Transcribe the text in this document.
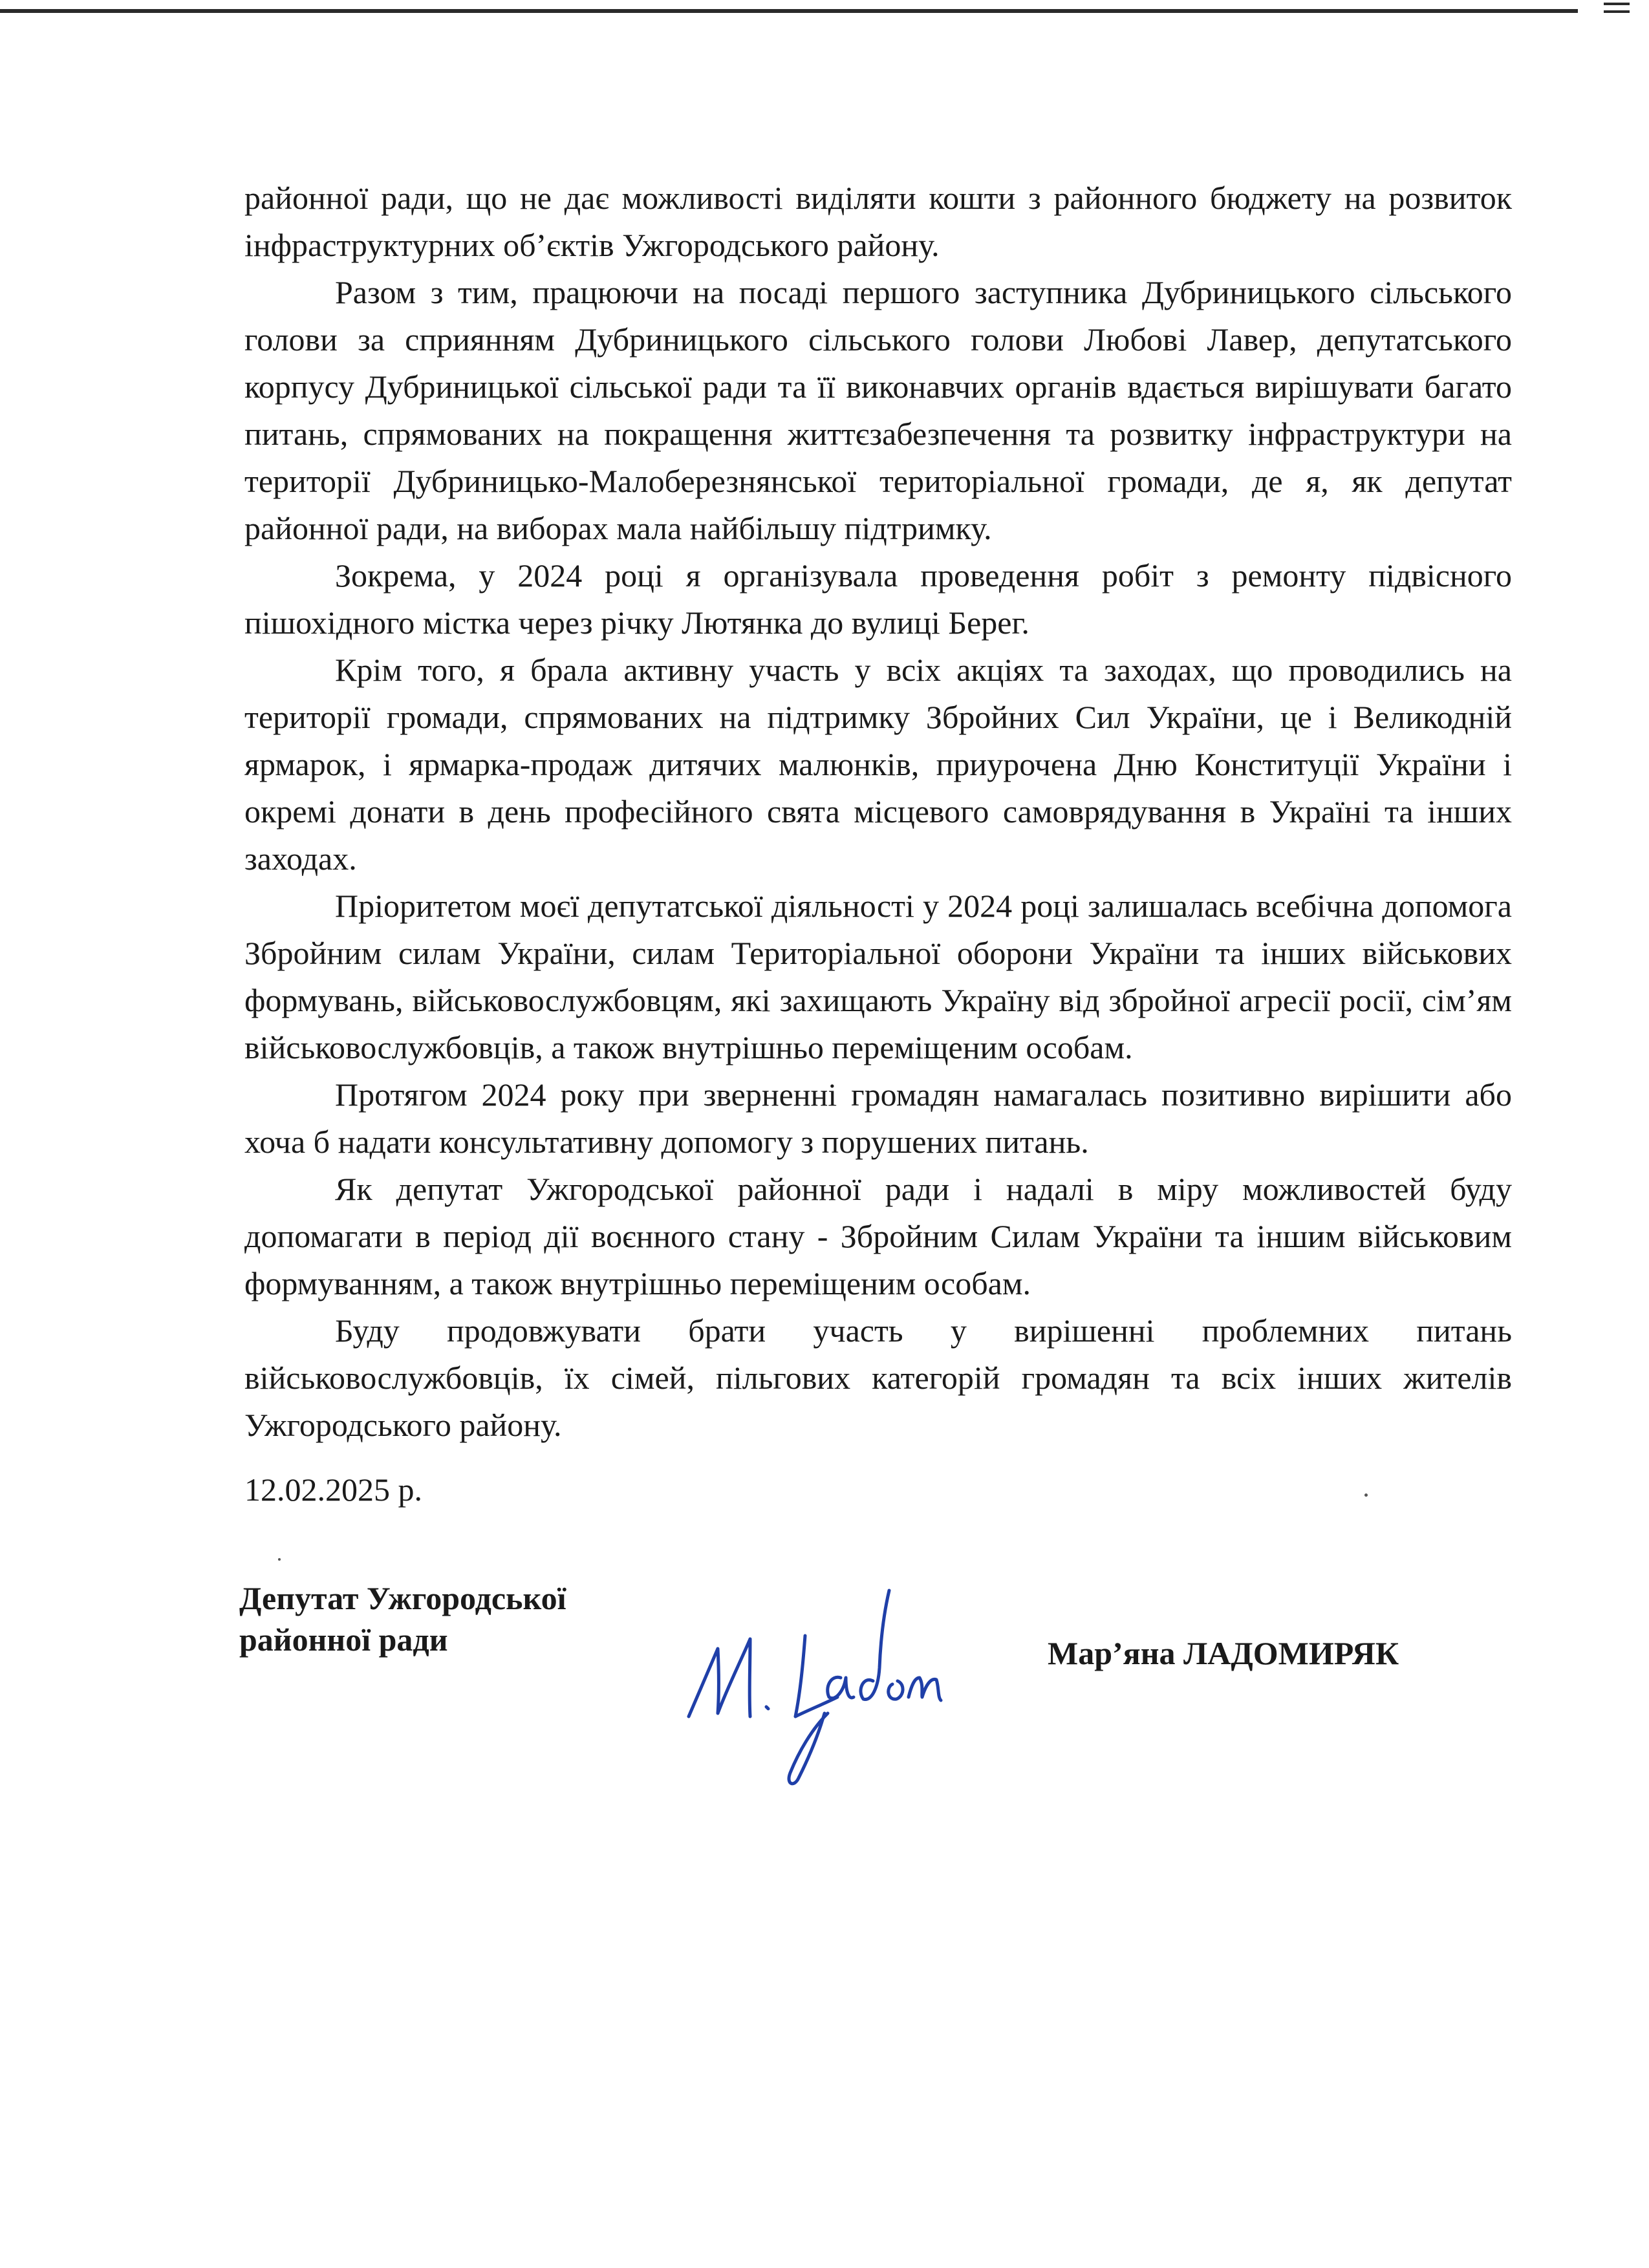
районної ради, що не дає можливості виділяти кошти з районного бюджету на розвиток інфраструктурних об’єктів Ужгородського району.

Разом з тим, працюючи на посаді першого заступника Дубриницького сільського голови за сприянням Дубриницького сільського голови Любові Лавер, депутатського корпусу Дубриницької сільської ради та її виконавчих органів вдається вирішувати багато питань, спрямованих на покращення життєзабезпечення та розвитку інфраструктури на території Дубриницько-Малоберезнянської територіальної громади, де я, як депутат районної ради, на виборах мала найбільшу підтримку.

Зокрема, у 2024 році я організувала проведення робіт з ремонту підвісного пішохідного містка через річку Лютянка до вулиці Берег.

Крім того, я брала активну участь у всіх акціях та заходах, що проводились на території громади, спрямованих на підтримку Збройних Сил України, це і Великодній ярмарок, і ярмарка-продаж дитячих малюнків, приурочена Дню Конституції України і окремі донати в день професійного свята місцевого самоврядування в Україні та інших заходах.

Пріоритетом моєї депутатської діяльності у 2024 році залишалась всебічна допомога Збройним силам України, силам Територіальної оборони України та інших військових формувань, військовослужбовцям, які захищають Україну від збройної агресії росії, сім’ям військовослужбовців, а також внутрішньо переміщеним особам.

Протягом 2024 року при зверненні громадян намагалась позитивно вирішити або хоча б надати консультативну допомогу з порушених питань.

Як депутат Ужгородської районної ради і надалі в міру можливостей буду допомагати в період дії воєнного стану - Збройним Силам України та іншим військовим формуванням, а також внутрішньо переміщеним особам.

Буду продовжувати брати участь у вирішенні проблемних питань військовослужбовців, їх сімей, пільгових категорій громадян та всіх інших жителів Ужгородського району.

12.02.2025 р.

Депутат Ужгородської
районної ради	Мар’яна ЛАДОМИРЯК
